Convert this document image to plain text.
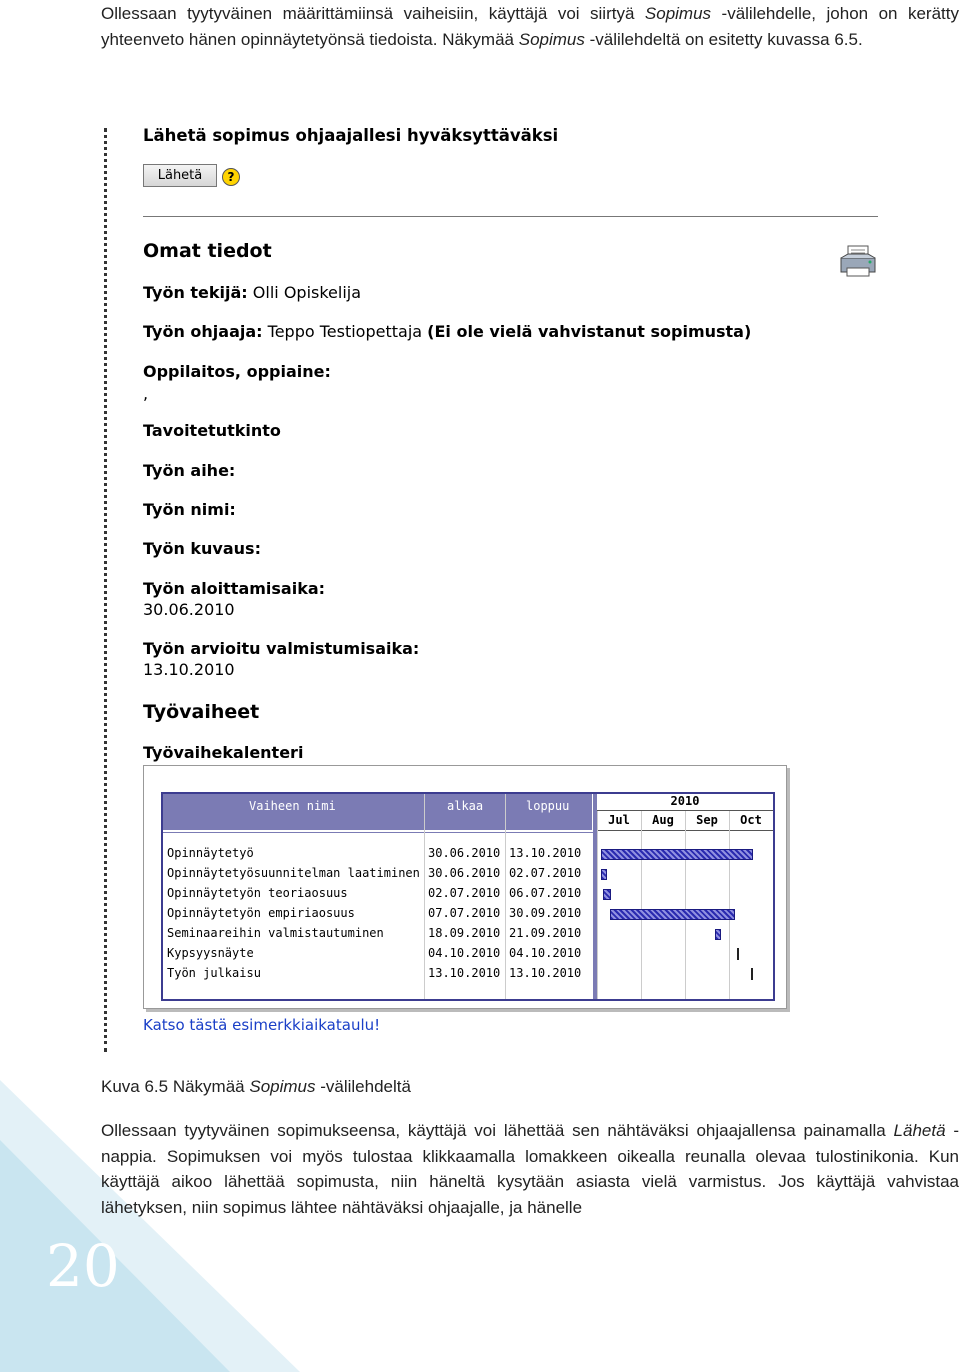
Ollessaan tyytyväinen määrittämiinsä vaiheisiin, käyttäjä voi siirtyä Sopimus -välilehdelle, johon on kerätty yhteenveto hänen opinnäytetyönsä tiedoista. Näkymää Sopimus -välilehdeltä on esitetty kuvassa 6.5.

Lähetä sopimus ohjaajallesi hyväksyttäväksi
Lähetä	?
Omat tiedot
Työn tekijä: Olli Opiskelija
Työn ohjaaja: Teppo Testiopettaja (Ei ole vielä vahvistanut sopimusta)
Oppilaitos, oppiaine:
,
Tavoitetutkinto
Työn aihe:
Työn nimi:
Työn kuvaus:
Työn aloittamisaika:
30.06.2010
Työn arvioitu valmistumisaika:
13.10.2010
Työvaiheet
Työvaihekalenteri
Vaiheen nimi	alkaa	loppuu	2010
Jul	Aug	Sep	Oct
Opinnäytetyö	30.06.2010 13.10.2010
Opinnäytetyösuunnitelman laatiminen 30.06.2010 02.07.2010
Opinnäytetyön teoriaosuus	02.07.2010 06.07.2010
Opinnäytetyön empiriaosuus	07.07.2010 30.09.2010
Seminaareihin valmistautuminen	18.09.2010 21.09.2010
Kypsyysnäyte	04.10.2010 04.10.2010
Työn julkaisu	13.10.2010 13.10.2010
Katso tästä esimerkkiaikataulu!

Kuva 6.5 Näkymää Sopimus -välilehdeltä

20

Ollessaan tyytyväinen sopimukseensa, käyttäjä voi lähettää sen nähtäväksi ohjaajallensa painamalla Lähetä -nappia. Sopimuksen voi myös tulostaa klikkaamalla lomakkeen oikealla reunalla olevaa tulostinikonia. Kun käyttäjä aikoo lähettää sopimusta, niin häneltä kysytään asiasta vielä varmistus. Jos käyttäjä vahvistaa lähetyksen, niin sopimus lähtee nähtäväksi ohjaajalle, ja hänelle
